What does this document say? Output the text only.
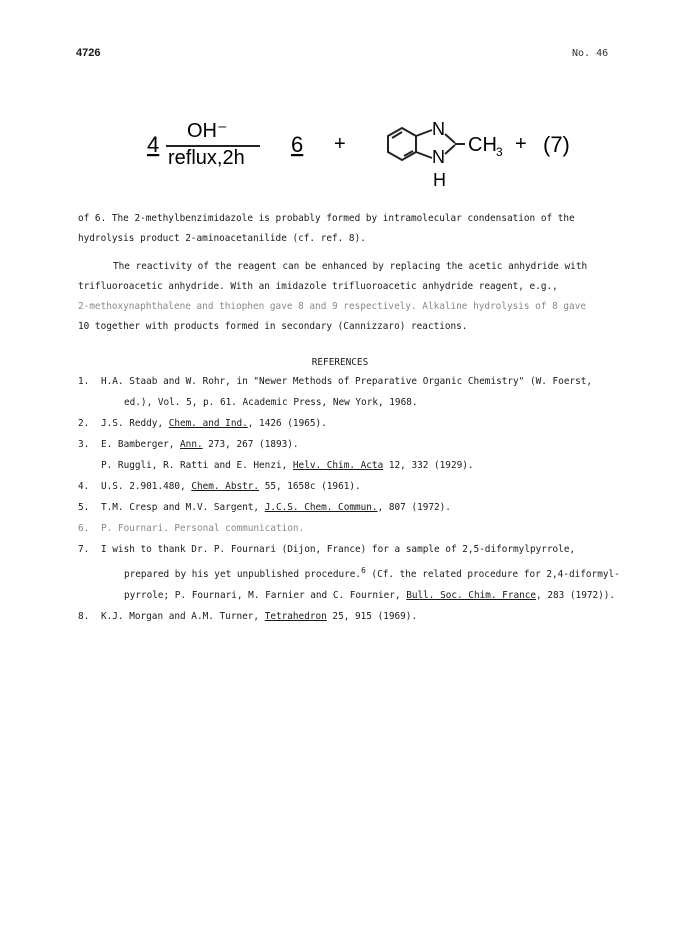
4726	No. 46
4
OH⁻
reflux,2h
6 +
N
N
H
CH 3 + (7)
of 6. The 2-methylbenzimidazole is probably formed by intramolecular condensation of the
hydrolysis product 2-aminoacetanilide (cf. ref. 8).
The reactivity of the reagent can be enhanced by replacing the acetic anhydride with
trifluoroacetic anhydride. With an imidazole trifluoroacetic anhydride reagent, e.g.,
2-methoxynaphthalene and thiophen gave 8 and 9 respectively. Alkaline hydrolysis of 8 gave
10 together with products formed in secondary (Cannizzaro) reactions.
REFERENCES
1. H.A. Staab and W. Rohr, in "Newer Methods of Preparative Organic Chemistry" (W. Foerst,
ed.), Vol. 5, p. 61. Academic Press, New York, 1968.
2. J.S. Reddy, Chem. and Ind., 1426 (1965).
3. E. Bamberger, Ann. 273, 267 (1893).
P. Ruggli, R. Ratti and E. Henzi, Helv. Chim. Acta 12, 332 (1929).
4. U.S. 2.901.480, Chem. Abstr. 55, 1658c (1961).
5. T.M. Cresp and M.V. Sargent, J.C.S. Chem. Commun., 807 (1972).
6. P. Fournari. Personal communication.
7. I wish to thank Dr. P. Fournari (Dijon, France) for a sample of 2,5-diformylpyrrole,
prepared by his yet unpublished procedure.$^6$ (Cf. the related procedure for 2,4-diformyl-
pyrrole; P. Fournari, M. Farnier and C. Fournier, Bull. Soc. Chim. France, 283 (1972)).
8. K.J. Morgan and A.M. Turner, Tetrahedron 25, 915 (1969).
